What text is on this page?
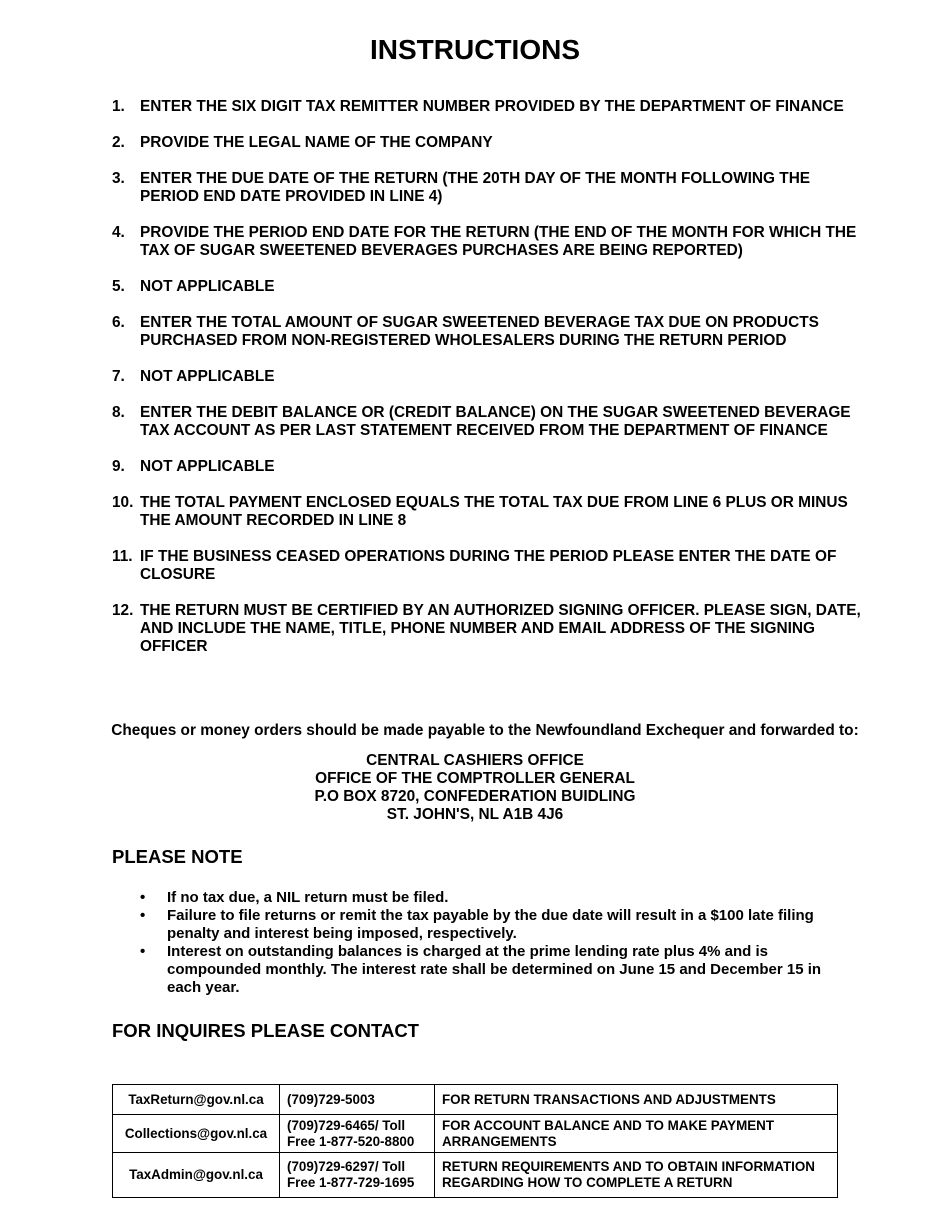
INSTRUCTIONS
1. ENTER THE SIX DIGIT TAX REMITTER NUMBER PROVIDED BY THE DEPARTMENT OF FINANCE
2. PROVIDE THE LEGAL NAME OF THE COMPANY
3. ENTER THE DUE DATE OF THE RETURN (THE 20TH DAY OF THE MONTH FOLLOWING THE PERIOD END DATE PROVIDED IN LINE 4)
4. PROVIDE THE PERIOD END DATE FOR THE RETURN (THE END OF THE MONTH FOR WHICH THE TAX OF SUGAR SWEETENED BEVERAGES PURCHASES ARE BEING REPORTED)
5. NOT APPLICABLE
6. ENTER THE TOTAL AMOUNT OF SUGAR SWEETENED BEVERAGE TAX DUE ON PRODUCTS PURCHASED FROM NON-REGISTERED WHOLESALERS DURING THE RETURN PERIOD
7. NOT APPLICABLE
8. ENTER THE DEBIT BALANCE OR (CREDIT BALANCE) ON THE SUGAR SWEETENED BEVERAGE TAX ACCOUNT AS PER LAST STATEMENT RECEIVED FROM THE DEPARTMENT OF FINANCE
9. NOT APPLICABLE
10. THE TOTAL PAYMENT ENCLOSED EQUALS THE TOTAL TAX DUE FROM LINE 6 PLUS OR MINUS THE AMOUNT RECORDED IN LINE 8
11. IF THE BUSINESS CEASED OPERATIONS DURING THE PERIOD PLEASE ENTER THE DATE OF CLOSURE
12. THE RETURN MUST BE CERTIFIED BY AN AUTHORIZED SIGNING OFFICER. PLEASE SIGN, DATE, AND INCLUDE THE NAME, TITLE, PHONE NUMBER AND EMAIL ADDRESS OF THE SIGNING OFFICER
Cheques or money orders should be made payable to the Newfoundland Exchequer and forwarded to:
CENTRAL CASHIERS OFFICE
OFFICE OF THE COMPTROLLER GENERAL
P.O BOX 8720, CONFEDERATION BUIDLING
ST. JOHN'S, NL A1B 4J6
PLEASE NOTE
•	If no tax due, a NIL return must be filed.
•	Failure to file returns or remit the tax payable by the due date will result in a $100 late filing penalty and interest being imposed, respectively.
•	Interest on outstanding balances is charged at the prime lending rate plus 4% and is compounded monthly. The interest rate shall be determined on June 15 and December 15 in each year.
FOR INQUIRES PLEASE CONTACT
TaxReturn@gov.nl.ca	(709)729-5003	FOR RETURN TRANSACTIONS AND ADJUSTMENTS
Collections@gov.nl.ca	(709)729-6465/ Toll Free 1-877-520-8800	FOR ACCOUNT BALANCE AND TO MAKE PAYMENT ARRANGEMENTS
TaxAdmin@gov.nl.ca	(709)729-6297/ Toll Free 1-877-729-1695	RETURN REQUIREMENTS AND TO OBTAIN INFORMATION REGARDING HOW TO COMPLETE A RETURN
